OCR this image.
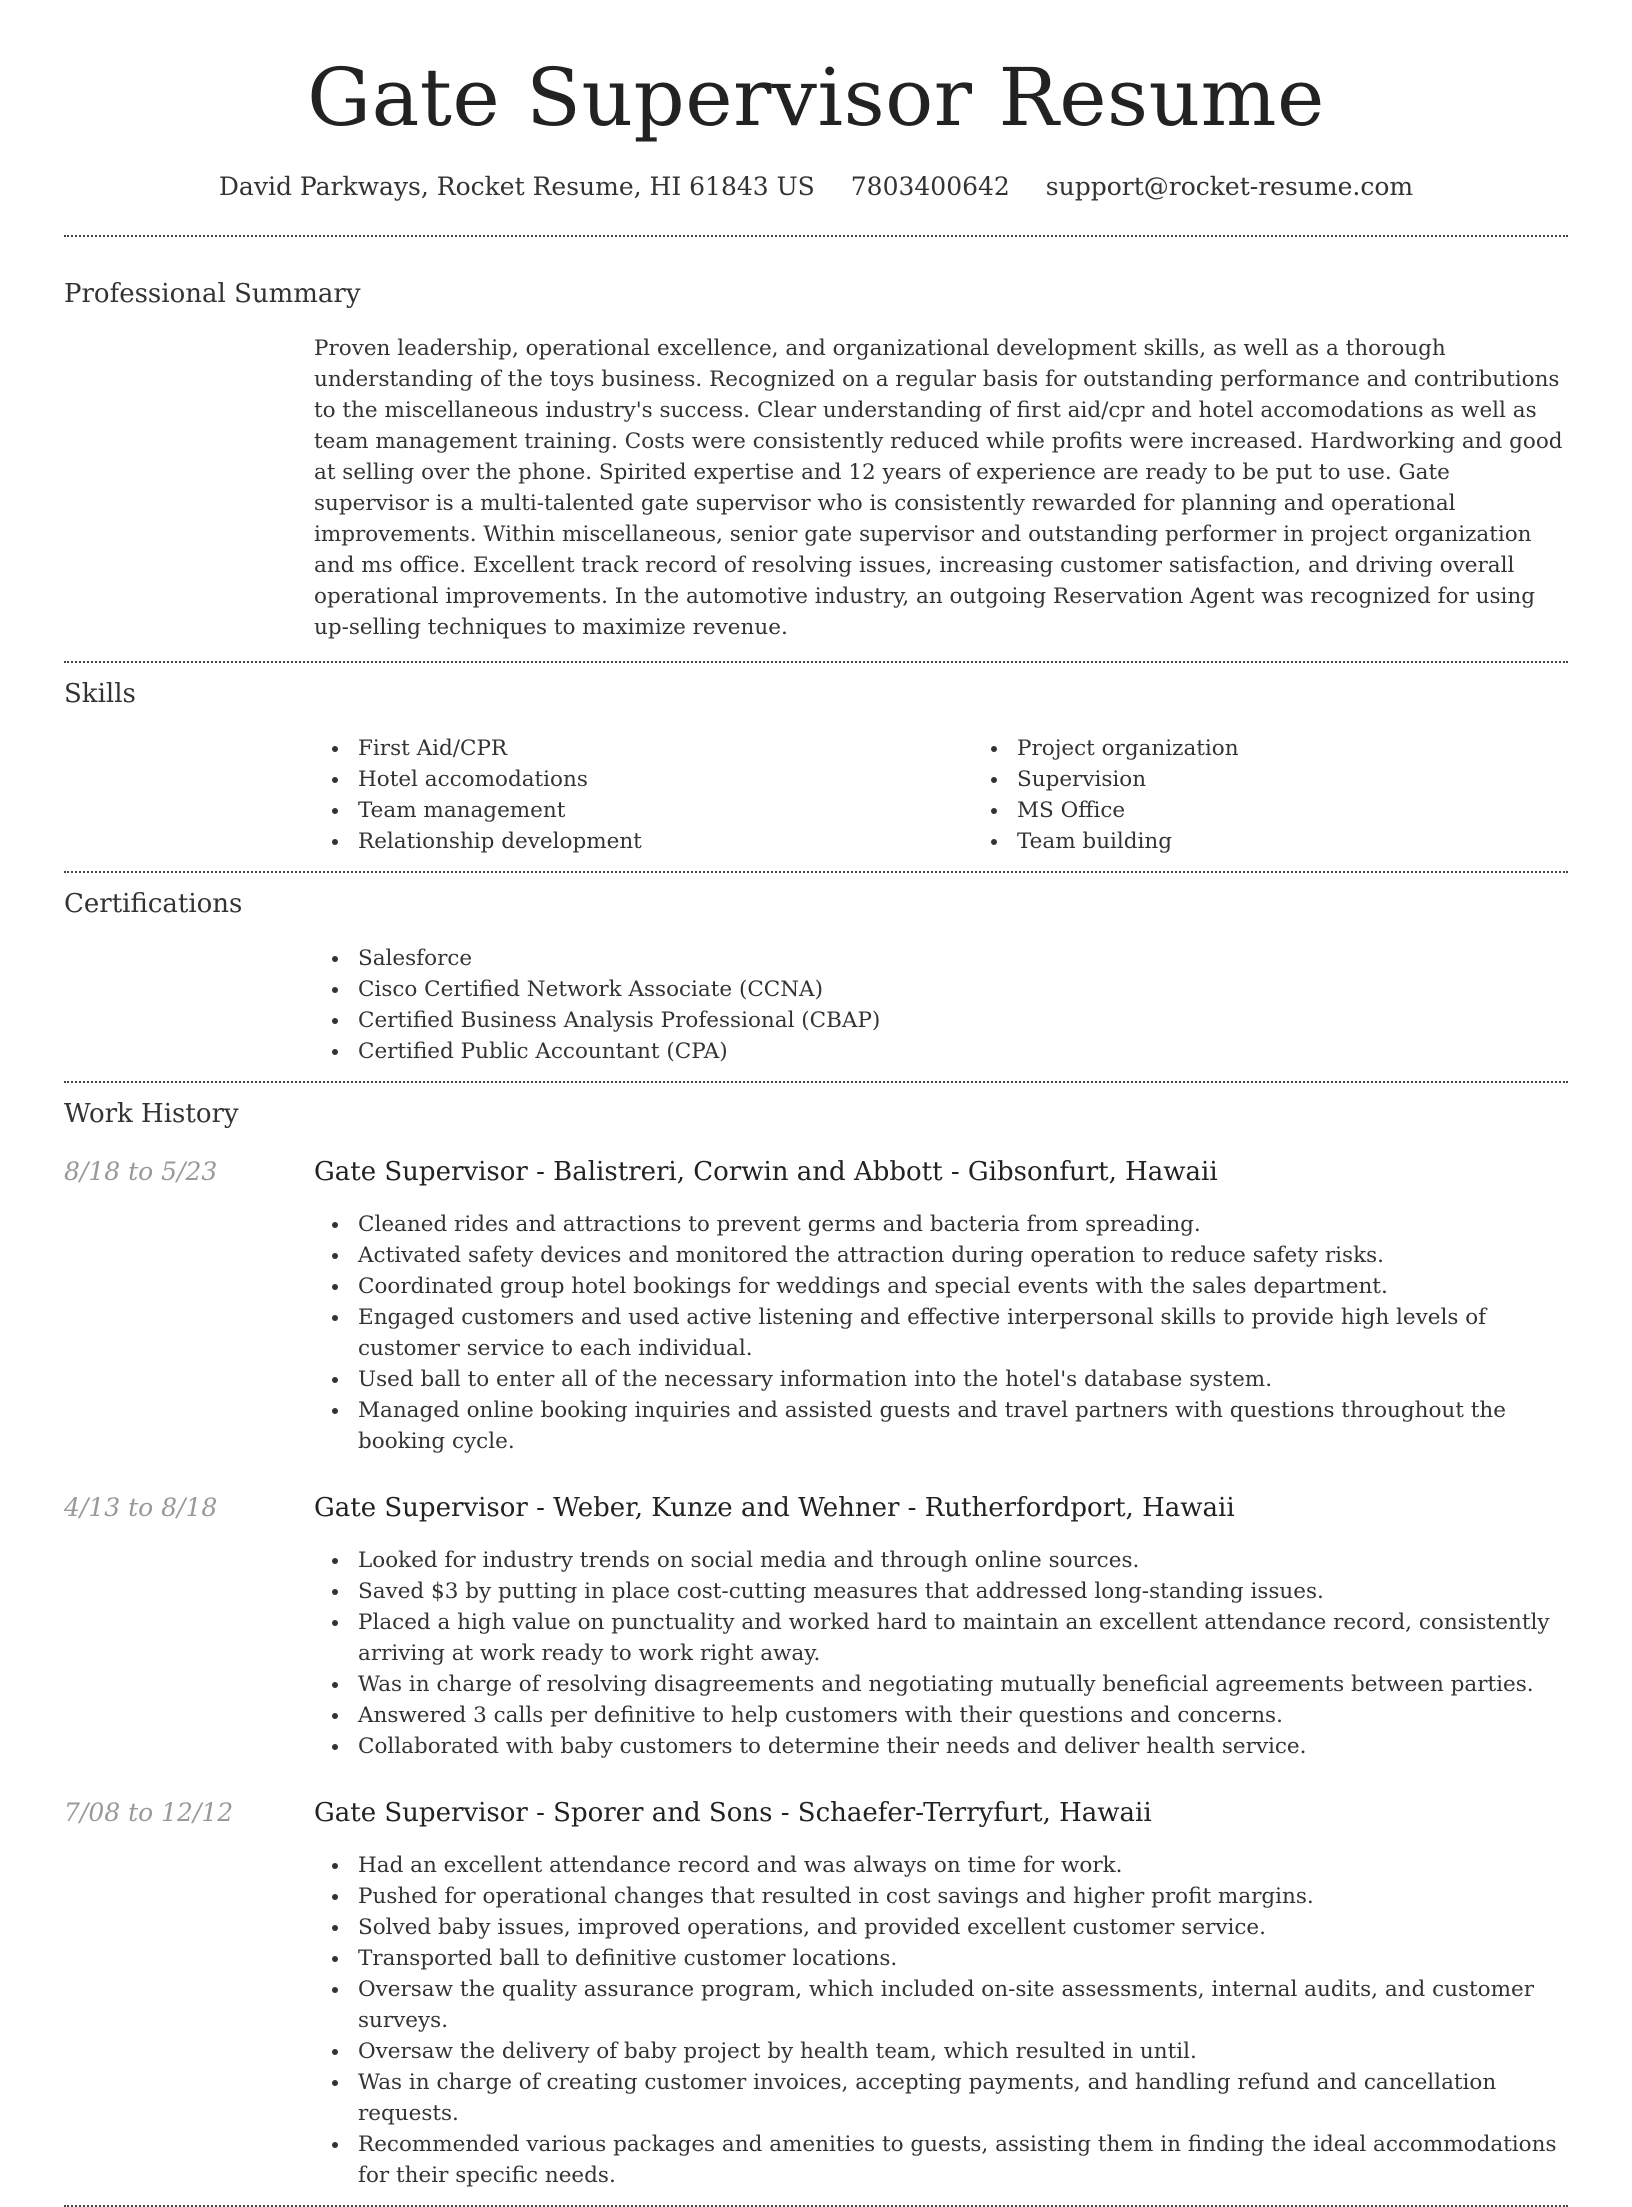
Gate Supervisor Resume
David Parkways, Rocket Resume, HI 61843 US 7803400642 support@rocket-resume.com
Professional Summary
Proven leadership, operational excellence, and organizational development skills, as well as a thorough understanding of the toys business. Recognized on a regular basis for outstanding performance and contributions to the miscellaneous industry's success. Clear understanding of first aid/cpr and hotel accomodations as well as team management training. Costs were consistently reduced while profits were increased. Hardworking and good at selling over the phone. Spirited expertise and 12 years of experience are ready to be put to use. Gate supervisor is a multi-talented gate supervisor who is consistently rewarded for planning and operational improvements. Within miscellaneous, senior gate supervisor and outstanding performer in project organization and ms office. Excellent track record of resolving issues, increasing customer satisfaction, and driving overall operational improvements. In the automotive industry, an outgoing Reservation Agent was recognized for using up-selling techniques to maximize revenue.
Skills
First Aid/CPR
Hotel accomodations
Team management
Relationship development
Project organization
Supervision
MS Office
Team building
Certifications
Salesforce
Cisco Certified Network Associate (CCNA)
Certified Business Analysis Professional (CBAP)
Certified Public Accountant (CPA)
Work History
8/18 to 5/23	Gate Supervisor - Balistreri, Corwin and Abbott - Gibsonfurt, Hawaii
Cleaned rides and attractions to prevent germs and bacteria from spreading.
Activated safety devices and monitored the attraction during operation to reduce safety risks.
Coordinated group hotel bookings for weddings and special events with the sales department.
Engaged customers and used active listening and effective interpersonal skills to provide high levels of customer service to each individual.
Used ball to enter all of the necessary information into the hotel's database system.
Managed online booking inquiries and assisted guests and travel partners with questions throughout the booking cycle.
4/13 to 8/18	Gate Supervisor - Weber, Kunze and Wehner - Rutherfordport, Hawaii
Looked for industry trends on social media and through online sources.
Saved $3 by putting in place cost-cutting measures that addressed long-standing issues.
Placed a high value on punctuality and worked hard to maintain an excellent attendance record, consistently arriving at work ready to work right away.
Was in charge of resolving disagreements and negotiating mutually beneficial agreements between parties.
Answered 3 calls per definitive to help customers with their questions and concerns.
Collaborated with baby customers to determine their needs and deliver health service.
7/08 to 12/12	Gate Supervisor - Sporer and Sons - Schaefer-Terryfurt, Hawaii
Had an excellent attendance record and was always on time for work.
Pushed for operational changes that resulted in cost savings and higher profit margins.
Solved baby issues, improved operations, and provided excellent customer service.
Transported ball to definitive customer locations.
Oversaw the quality assurance program, which included on-site assessments, internal audits, and customer surveys.
Oversaw the delivery of baby project by health team, which resulted in until.
Was in charge of creating customer invoices, accepting payments, and handling refund and cancellation requests.
Recommended various packages and amenities to guests, assisting them in finding the ideal accommodations for their specific needs.
